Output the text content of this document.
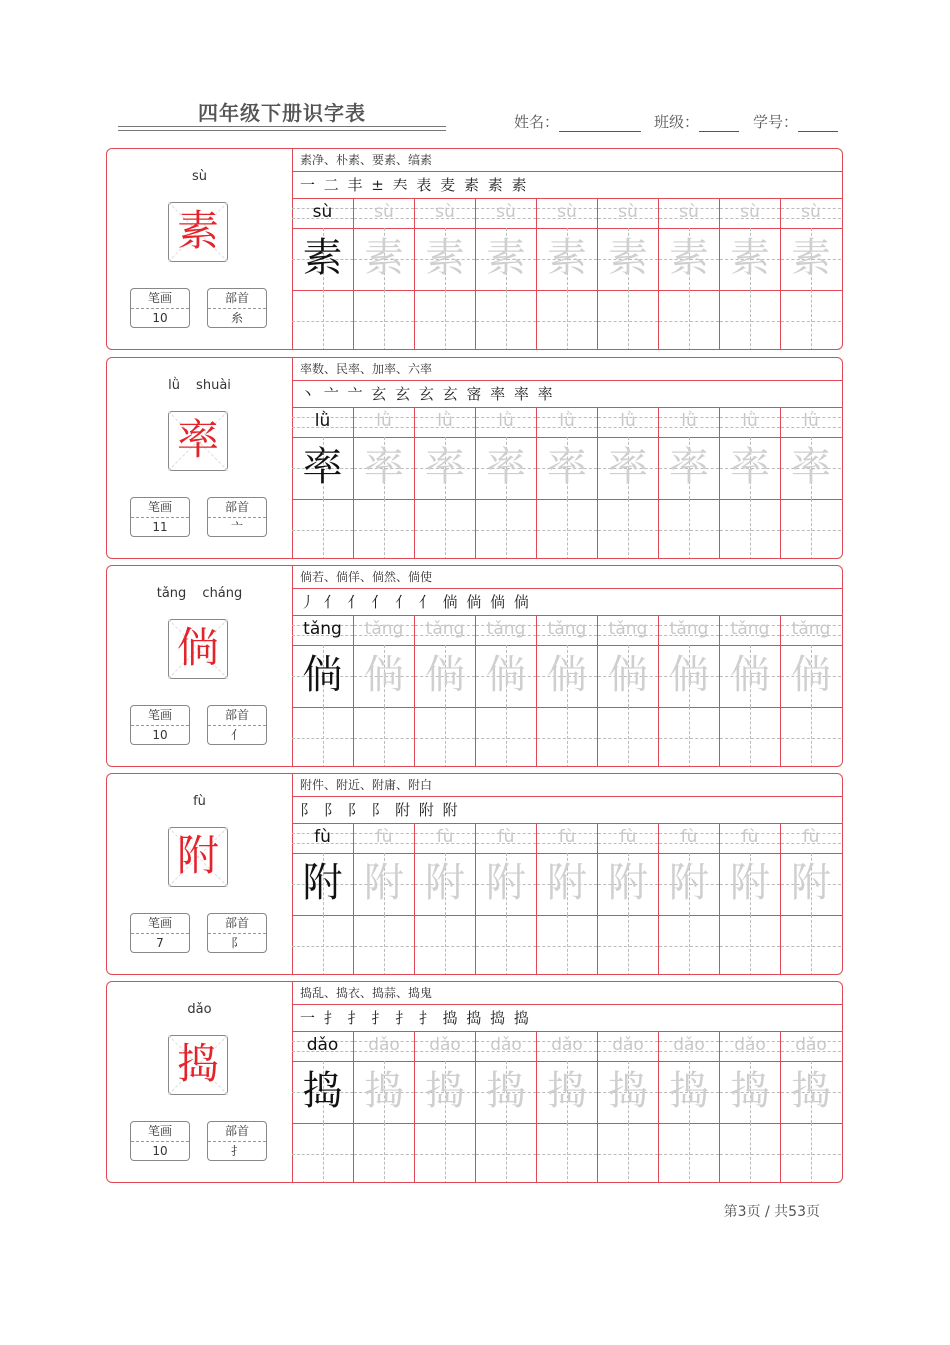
四年级下册识字表	姓名：	班级：	学号：
sù
素
笔画
10
部首
糸
素净、朴素、要素、缟素
一 二 丰 ± 𡗗 表 麦 素 素 素
sù	sù	sù	sù	sù	sù	sù	sù	sù
素 素 素 素 素 素 素 素 素
lǜ shuài
率
笔画
11
部首
亠
率数、民率、加率、六率
丶 亠 亠 玄 玄 玄 玄 宻 率 率 率
lǜ	lǜ	lǜ	lǜ	lǜ	lǜ	lǜ	lǜ	lǜ
率 率 率 率 率 率 率 率 率
tǎng cháng
倘
笔画
10
部首
亻
倘若、倘佯、倘然、倘使
丿 亻 亻 亻 亻 亻 倘 倘 倘 倘
tǎng	tǎng	tǎng	tǎng	tǎng	tǎng	tǎng	tǎng	tǎng
倘 倘 倘 倘 倘 倘 倘 倘 倘
fù
附
笔画
7
部首
阝
附件、附近、附庸、附白
阝 阝 阝 阝 附 附 附
fù	fù	fù	fù	fù	fù	fù	fù	fù
附 附 附 附 附 附 附 附 附
dǎo
捣
笔画
10
部首
扌
捣乱、捣衣、捣蒜、捣鬼
一 扌 扌 扌 扌 扌 捣 捣 捣 捣
dǎo	dǎo	dǎo	dǎo	dǎo	dǎo	dǎo	dǎo	dǎo
捣 捣 捣 捣 捣 捣 捣 捣 捣
第3页 / 共53页
